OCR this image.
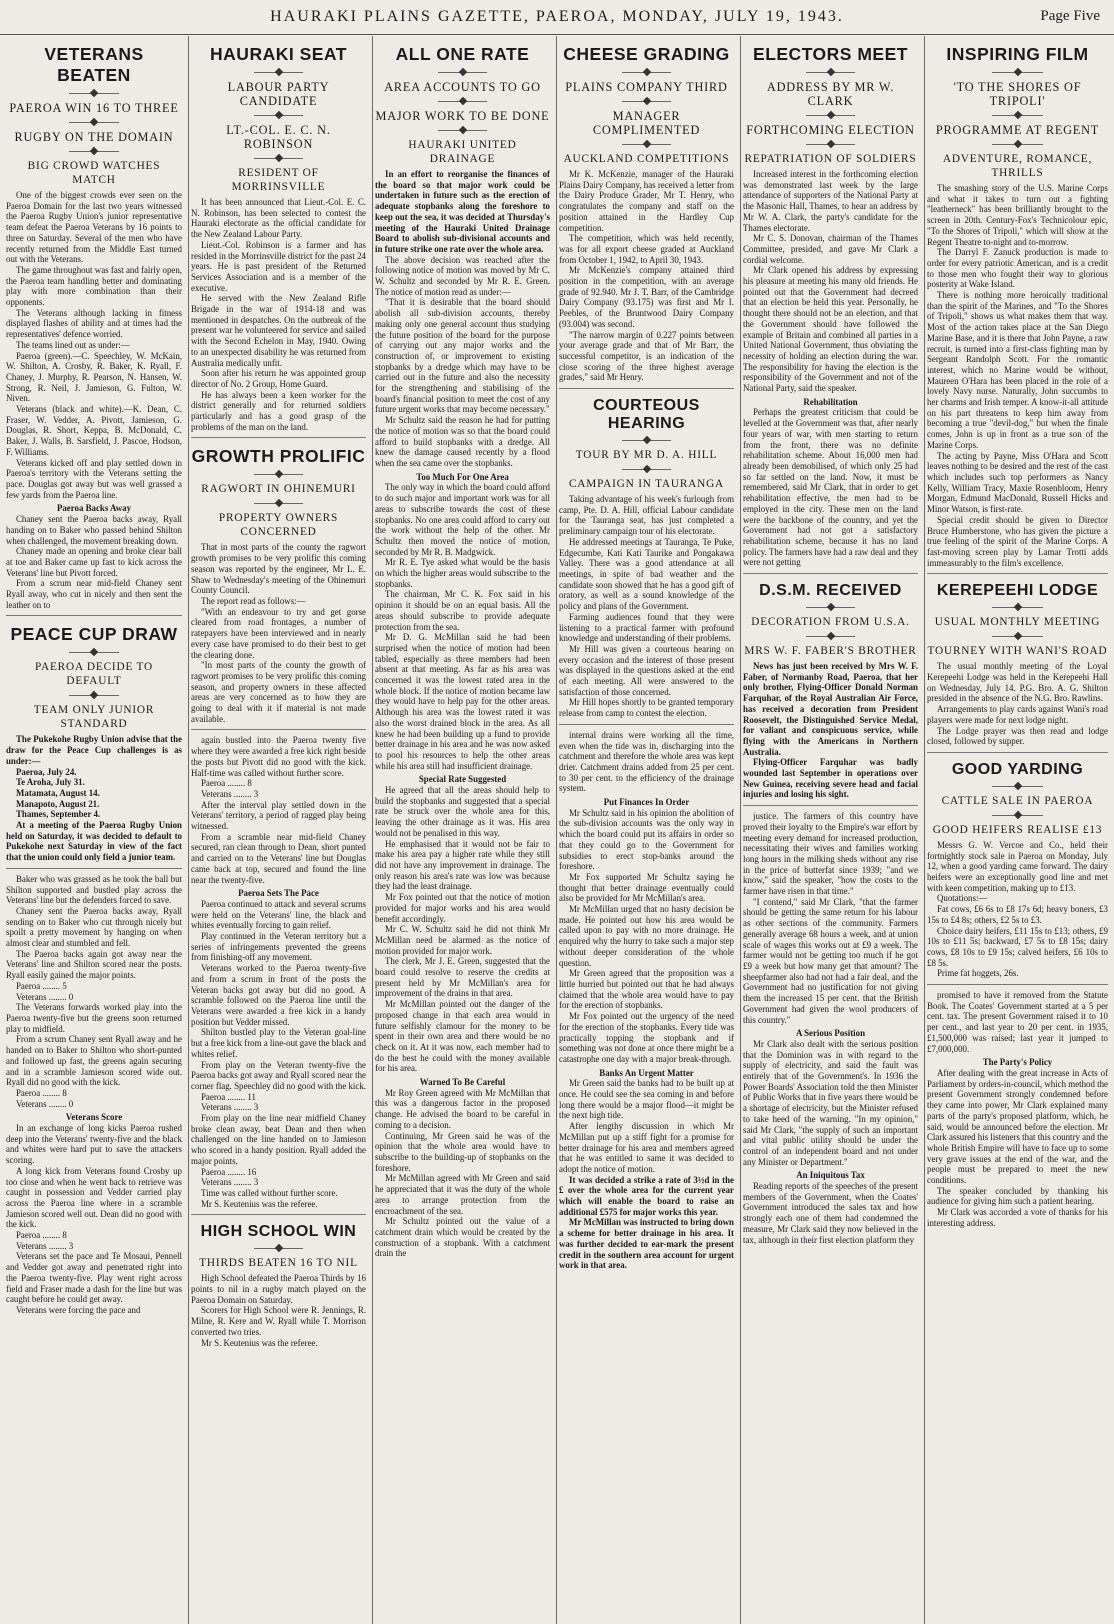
HAURAKI PLAINS GAZETTE, PAEROA, MONDAY, JULY 19, 1943.	Page Five
VETERANS BEATEN
PAEROA WIN 16 TO THREE
RUGBY ON THE DOMAIN
BIG CROWD WATCHES MATCH

One of the biggest crowds ever seen on the Paeroa Domain for the last two years witnessed the Paeroa Rugby Union's junior representative team defeat the Paeroa Veterans by 16 points to three on Saturday. Several of the men who have recently returned from the Middle East turned out with the Veterans.

The game throughout was fast and fairly open, the Paeroa team handling better and dominating play with more combination than their opponents.

The Veterans although lacking in fitness displayed flashes of ability and at times had the representatives' defence worried.

The teams lined out as under:—

Paeroa (green).—C. Speechley, W. McKain, W. Shilton, A. Crosby, R. Baker, K. Ryall, F. Chaney, J. Murphy, R. Pearson, N. Hansen, W. Strong, R. Neil, J. Jamieson, G. Fulton, W. Niven.

Veterans (black and white).—K. Dean, C. Fraser, W. Vedder, A. Pivott, Jamieson, G. Douglas, R. Short, Keppa, B. McDonald, C. Baker, J. Walls, B. Sarsfield, J. Pascoe, Hodson, F. Williams.

Veterans kicked off and play settled down in Paeroa's territory with the Veterans setting the pace. Douglas got away but was well grassed a few yards from the Paeroa line.

Paeroa Backs Away

Chaney sent the Paeroa backs away, Ryall handing on to Baker who passed behind Shilton when challenged, the movement breaking down.

Chaney made an opening and broke clear ball at toe and Baker came up fast to kick across the Veterans' line but Pivott forced.

From a scrum near mid-field Chaney sent Ryall away, who cut in nicely and then sent the leather on to

PEACE CUP DRAW
PAEROA DECIDE TO DEFAULT
TEAM ONLY JUNIOR STANDARD

The Pukekohe Rugby Union advise that the draw for the Peace Cup challenges is as under:—

Paeroa, July 24.

Te Aroha, July 31.

Matamata, August 14.

Manapoto, August 21.

Thames, September 4.

At a meeting of the Paeroa Rugby Union held on Saturday, it was decided to default to Pukekohe next Saturday in view of the fact that the union could only field a junior team.

Baker who was grassed as he took the ball but Shilton supported and bustled play across the Veterans' line but the defenders forced to save.

Chaney sent the Paeroa backs away, Ryall sending on to Baker who cut through nicely but spoilt a pretty movement by hanging on when almost clear and stumbled and fell.

The Paeroa backs again got away near the Veterans' line and Shilton scored near the posts. Ryall easily gained the major points.

Paeroa ........ 5

Veterans ........ 0

The Veterans forwards worked play into the Paeroa twenty-five but the greens soon returned play to midfield.

From a scrum Chaney sent Ryall away and he handed on to Baker to Shilton who short-punted and followed up fast, the greens again securing and in a scramble Jamieson scored wide out. Ryall did no good with the kick.

Paeroa ........ 8

Veterans ........ 0

Veterans Score

In an exchange of long kicks Paeroa rushed deep into the Veterans' twenty-five and the black and whites were hard put to save the attackers scoring.

A long kick from Veterans found Crosby up too close and when he went back to retrieve was caught in possession and Vedder carried play across the Paeroa line where in a scramble Jamieson scored well out. Dean did no good with the kick.

Paeroa ........ 8

Veterans ........ 3

Veterans set the pace and Te Mosaui, Pennell and Vedder got away and penetrated right into the Paeroa twenty-five. Play went right across field and Fraser made a dash for the line but was caught before he could get away.

Veterans were forcing the pace and

HAURAKI SEAT
LABOUR PARTY CANDIDATE
LT.-COL. E. C. N. ROBINSON
RESIDENT OF MORRINSVILLE

It has been announced that Lieut.-Col. E. C. N. Robinson, has been selected to contest the Hauraki electorate as the official candidate for the New Zealand Labour Party.

Lieut.-Col. Robinson is a farmer and has resided in the Morrinsville district for the past 24 years. He is past president of the Returned Services Association and is a member of the executive.

He served with the New Zealand Rifle Brigade in the war of 1914-18 and was mentioned in despatches. On the outbreak of the present war he volunteered for service and sailed with the Second Echelon in May, 1940. Owing to an unexpected disability he was returned from Australia medically unfit.

Soon after his return he was appointed group director of No. 2 Group, Home Guard.

He has always been a keen worker for the district generally and for returned soldiers particularly and has a good grasp of the problems of the man on the land.

GROWTH PROLIFIC
RAGWORT IN OHINEMURI
PROPERTY OWNERS CONCERNED

That in most parts of the county the ragwort growth promises to be very prolific this coming season was reported by the engineer, Mr L. E. Shaw to Wednesday's meeting of the Ohinemuri County Council.

The report read as follows:—

"With an endeavour to try and get gorse cleared from road frontages, a number of ratepayers have been interviewed and in nearly every case have promised to do their best to get the clearing done.

"In most parts of the county the growth of ragwort promises to be very prolific this coming season, and property owners in these affected areas are very concerned as to how they are going to deal with it if material is not made available.

again bustled into the Paeroa twenty five where they were awarded a free kick right beside the posts but Pivott did no good with the kick. Half-time was called without further score.

Paeroa ........ 8

Veterans ........ 3

After the interval play settled down in the Veterans' territory, a period of ragged play being witnessed.

From a scramble near mid-field Chaney secured, ran clean through to Dean, short punted and carried on to the Veterans' line but Douglas came back at top, secured and found the line near the twenty-five.

Paeroa Sets The Pace

Paeroa continued to attack and several scrums were held on the Veterans' line, the black and whites eventually forcing to gain relief.

Play continued in the Veteran territory but a series of infringements prevented the greens from finishing-off any movement.

Veterans worked to the Paeroa twenty-five and from a scrum in front of the posts the Veteran backs got away but did no good. A scramble followed on the Paeroa line until the Veterans were awarded a free kick in a handy position but Vedder missed.

Shilton bustled play to the Veteran goal-line but a free kick from a line-out gave the black and whites relief.

From play on the Veteran twenty-five the Paeroa backs got away and Ryall scored near the corner flag. Speechley did no good with the kick.

Paeroa ........ 11

Veterans ........ 3

From play on the line near midfield Chaney broke clean away, beat Dean and then when challenged on the line handed on to Jamieson who scored in a handy position. Ryall added the major points.

Paeroa ........ 16

Veterans ........ 3

Time was called without further score.

Mr S. Keutenius was the referee.

HIGH SCHOOL WIN
THIRDS BEATEN 16 TO NIL

High School defeated the Paeroa Thirds by 16 points to nil in a rugby match played on the Paeroa Domain on Saturday.

Scorers for High School were R. Jennings, R. Milne, R. Kere and W. Ryall while T. Morrison converted two tries.

Mr S. Keutenius was the referee.

ALL ONE RATE
AREA ACCOUNTS TO GO
MAJOR WORK TO BE DONE
HAURAKI UNITED DRAINAGE

In an effort to reorganise the finances of the board so that major work could be undertaken in future such as the erection of adequate stopbanks along the foreshore to keep out the sea, it was decided at Thursday's meeting of the Hauraki United Drainage Board to abolish sub-divisional accounts and in future strike one rate over the whole area.

The above decision was reached after the following notice of motion was moved by Mr C. W. Schultz and seconded by Mr R. E. Green. The notice of motion read as under:—

"That it is desirable that the board should abolish all sub-division accounts, thereby making only one general account thus studying the future position of the board for the purpose of carrying out any major works and the construction of, or improvement to existing stopbanks by a dredge which may have to be carried out in the future and also the necessity for the strengthening and stabilising of the board's financial position to meet the cost of any future urgent works that may become necessary."

Mr Schultz said the reason he had for putting the notice of motion was so that the board could afford to build stopbanks with a dredge. All knew the damage caused recently by a flood when the sea came over the stopbanks.

Too Much For One Area

The only way in which the board could afford to do such major and important work was for all areas to subscribe towards the cost of these stopbanks. No one area could afford to carry out the work without the help of the other. Mr Schultz then moved the notice of motion, seconded by Mr R. B. Madgwick.

Mr R. E. Tye asked what would be the basis on which the higher areas would subscribe to the stopbanks.

The chairman, Mr C. K. Fox said in his opinion it should be on an equal basis. All the areas should subscribe to provide adequate protection from the sea.

Mr D. G. McMillan said he had been surprised when the notice of motion had been tabled, especially as three members had been absent at that meeting. As far as his area was concerned it was the lowest rated area in the whole block. If the notice of motion became law they would have to help pay for the other areas. Although his area was the lowest rated it was also the worst drained block in the area. As all knew he had been building up a fund to provide better drainage in his area and he was now asked to pool his resources to help the other areas while his area still had insufficient drainage.

Special Rate Suggested

He agreed that all the areas should help to build the stopbanks and suggested that a special rate be struck over the whole area for this, leaving the other drainage as it was. His area would not be penalised in this way.

He emphasised that it would not be fair to make his area pay a higher rate while they still did not have any improvement in drainage. The only reason his area's rate was low was because they had the least drainage.

Mr Fox pointed out that the notice of motion provided for major works and his area would benefit accordingly.

Mr C. W. Schultz said he did not think Mr McMillan need be alarmed as the notice of motion provided for major work.

The clerk, Mr J. E. Green, suggested that the board could resolve to reserve the credits at present held by Mr McMillan's area for improvement of the drains in that area.

Mr McMillan pointed out the danger of the proposed change in that each area would in future selfishly clamour for the money to be spent in their own area and there would be no check on it. At it was now, each member had to do the best he could with the money available for his area.

Warned To Be Careful

Mr Roy Green agreed with Mr McMillan that this was a dangerous factor in the proposed change. He advised the board to be careful in coming to a decision.

Continuing, Mr Green said he was of the opinion that the whole area would have to subscribe to the building-up of stopbanks on the foreshore.

Mr McMillan agreed with Mr Green and said he appreciated that it was the duty of the whole area to arrange protection from the encroachment of the sea.

Mr Schultz pointed out the value of a catchment drain which would be created by the construction of a stopbank. With a catchment drain the

CHEESE GRADING
PLAINS COMPANY THIRD
MANAGER COMPLIMENTED
AUCKLAND COMPETITIONS

Mr K. McKenzie, manager of the Hauraki Plains Dairy Company, has received a letter from the Dairy Produce Grader, Mr T. Henry, who congratulates the company and staff on the position attained in the Hardley Cup competition.

The competition, which was held recently, was for all export cheese graded at Auckland from October 1, 1942, to April 30, 1943.

Mr McKenzie's company attained third position in the competition, with an average grade of 92.940. Mr J. T. Barr, of the Cambridge Dairy Company (93.175) was first and Mr I. Peebles, of the Bruntwood Dairy Company (93.004) was second.

"The narrow margin of 0.227 points between your average grade and that of Mr Barr, the successful competitor, is an indication of the close scoring of the three highest average grades," said Mr Henry.

COURTEOUS HEARING
TOUR BY MR D. A. HILL
CAMPAIGN IN TAURANGA

Taking advantage of his week's furlough from camp, Pte. D. A. Hill, official Labour candidate for the Tauranga seat, has just completed a preliminary campaign tour of his electorate.

He addressed meetings at Tauranga, Te Puke, Edgecumbe, Kati Kati Taurike and Pongakawa Valley. There was a good attendance at all meetings, in spite of bad weather and the candidate soon showed that he has a good gift of oratory, as well as a sound knowledge of the policy and plans of the Government.

Farming audiences found that they were listening to a practical farmer with profound knowledge and understanding of their problems.

Mr Hill was given a courteous hearing on every occasion and the interest of those present was displayed in the questions asked at the end of each meeting. All were answered to the satisfaction of those concerned.

Mr Hill hopes shortly to be granted temporary release from camp to contest the election.

internal drains were working all the time, even when the tide was in, discharging into the catchment and therefore the whole area was kept drier. Catchment drains added from 25 per cent. to 30 per cent. to the efficiency of the drainage system.

Put Finances In Order

Mr Schultz said in his opinion the abolition of the sub-division accounts was the only way in which the board could put its affairs in order so that they could go to the Government for subsidies to erect stop-banks around the foreshore.

Mr Fox supported Mr Schultz saying he thought that better drainage eventually could also be provided for Mr McMillan's area.

Mr McMillan urged that no hasty decision be made. He pointed out how his area would be called upon to pay with no more drainage. He enquired why the hurry to take such a major step without deeper consideration of the whole question.

Mr Green agreed that the proposition was a little hurried but pointed out that he had always claimed that the whole area would have to pay for the erection of stopbanks.

Mr Fox pointed out the urgency of the need for the erection of the stopbanks. Every tide was practically topping the stopbank and if something was not done at once there might be a catastrophe one day with a major break-through.

Banks An Urgent Matter

Mr Green said the banks had to be built up at once. He could see the sea coming in and before long there would be a major flood—it might be the next high tide.

After lengthy discussion in which Mr McMillan put up a stiff fight for a promise for better drainage for his area and members agreed that he was entitled to same it was decided to adopt the notice of motion.

It was decided a strike a rate of 3½d in the £ over the whole area for the current year which will enable the board to raise an additional £575 for major works this year.

Mr McMillan was instructed to bring down a scheme for better drainage in his area. It was further decided to ear-mark the present credit in the southern area account for urgent work in that area.

ELECTORS MEET
ADDRESS BY MR W. CLARK
FORTHCOMING ELECTION
REPATRIATION OF SOLDIERS

Increased interest in the forthcoming election was demonstrated last week by the large attendance of supporters of the National Party at the Masonic Hall, Thames, to hear an address by Mr W. A. Clark, the party's candidate for the Thames electorate.

Mr C. S. Donovan, chairman of the Thames Committee, presided, and gave Mr Clark a cordial welcome.

Mr Clark opened his address by expressing his pleasure at meeting his many old friends. He pointed out that the Government had decreed that an election be held this year. Personally, he thought there should not be an election, and that the Government should have followed the example of Britain and combined all parties in a United National Government, thus obviating the necessity of holding an election during the war. The responsibility for having the election is the responsibility of the Government and not of the National Party, said the speaker.

Rehabilitation

Perhaps the greatest criticism that could be levelled at the Government was that, after nearly four years of war, with men starting to return from the front, there was no definite rehabilitation scheme. About 16,000 men had already been demobilised, of which only 25 had so far settled on the land. Now, it must be remembered, said Mr Clark, that in order to get rehabilitation effective, the men had to be employed in the city. These men on the land were the backbone of the country, and yet the Government had not got a satisfactory rehabilitation scheme, because it has no land policy. The farmers have had a raw deal and they were not getting

D.S.M. RECEIVED
DECORATION FROM U.S.A.
MRS W. F. FABER'S BROTHER

News has just been received by Mrs W. F. Faber, of Normanby Road, Paeroa, that her only brother, Flying-Officer Donald Norman Farquhar, of the Royal Australian Air Force, has received a decoration from President Roosevelt, the Distinguished Service Medal, for valiant and conspicuous service, while flying with the Americans in Northern Australia.

Flying-Officer Farquhar was badly wounded last September in operations over New Guinea, receiving severe head and facial injuries and losing his sight.

justice. The farmers of this country have proved their loyalty to the Empire's war effort by meeting every demand for increased production, necessitating their wives and families working long hours in the milking sheds without any rise in the price of butterfat since 1939; "and we know," said the speaker, "how the costs to the farmer have risen in that time."

"I contend," said Mr Clark, "that the farmer should be getting the same return for his labour as other sections of the community. Farmers generally average 68 hours a week, and at union scale of wages this works out at £9 a week. The farmer would not be getting too much if he got £9 a week but how many get that amount? The sheepfarmer also had not had a fair deal, and the Government had no justification for not giving them the increased 15 per cent. that the British Government had given the wool producers of this country."

A Serious Position

Mr Clark also dealt with the serious position that the Dominion was in with regard to the supply of electricity, and said the fault was entirely that of the Government's. In 1936 the Power Boards' Association told the then Minister of Public Works that in five years there would be a shortage of electricity, but the Minister refused to take heed of the warning. "In my opinion," said Mr Clark, "the supply of such an important and vital public utility should be under the control of an independent board and not under any Minister or Department."

An Iniquitous Tax

Reading reports of the speeches of the present members of the Government, when the Coates' Government introduced the sales tax and how strongly each one of them had condemned the measure, Mr Clark said they now believed in the tax, although in their first election platform they

INSPIRING FILM
'TO THE SHORES OF TRIPOLI'
PROGRAMME AT REGENT
ADVENTURE, ROMANCE, THRILLS

The smashing story of the U.S. Marine Corps and what it takes to turn out a fighting "leatherneck" has been brilliantly brought to the screen in 20th. Century-Fox's Technicolour epic, "To the Shores of Tripoli," which will show at the Regent Theatre to-night and to-morrow.

The Darryl F. Zanuck production is made to order for every patriotic American, and is a credit to those men who fought their way to glorious posterity at Wake Island.

There is nothing more heroically traditional than the spirit of the Marines, and "To the Shores of Tripoli," shows us what makes them that way. Most of the action takes place at the San Diego Marine Base, and it is there that John Payne, a raw recruit, is turned into a first-class fighting man by Sergeant Randolph Scott. For the romantic interest, which no Marine would be without, Maureen O'Hara has been placed in the role of a lovely Navy nurse. Naturally, John succumbs to her charms and Irish temper. A know-it-all attitude on his part threatens to keep him away from becoming a true "devil-dog," but when the finale comes, John is up in front as a true son of the Marine Corps.

The acting by Payne, Miss O'Hara and Scott leaves nothing to be desired and the rest of the cast which includes such top performers as Nancy Kelly, William Tracy, Maxie Rosenbloom, Henry Morgan, Edmund MacDonald, Russell Hicks and Minor Watson, is first-rate.

Special credit should be given to Director Bruce Humberstone, who has given the picture a true feeling of the spirit of the Marine Corps. A fast-moving screen play by Lamar Trotti adds immeasurably to the film's excellence.

KEREPEEHI LODGE
USUAL MONTHLY MEETING
TOURNEY WITH WANI'S ROAD

The usual monthly meeting of the Loyal Kerepeehi Lodge was held in the Kerepeehi Hall on Wednesday, July 14. P.G. Bro. A. G. Shilton presided in the absence of the N.G. Bro. Rawlins.

Arrangements to play cards against Wani's road players were made for next lodge night.

The Lodge prayer was then read and lodge closed, followed by supper.

GOOD YARDING
CATTLE SALE IN PAEROA
GOOD HEIFERS REALISE £13

Messrs G. W. Vercoe and Co., held their fortnightly stock sale in Paeroa on Monday, July 12, when a good yarding came forward. The dairy heifers were an exceptionally good line and met with keen competition, making up to £13.

Quotations:—

Fat cows, £6 6s to £8 17s 6d; heavy boners, £3 15s to £4 8s; others, £2 5s to £3.

Choice dairy heifers, £11 15s to £13; others, £9 10s to £11 5s; backward, £7 5s to £8 15s; dairy cows, £8 10s to £9 15s; calved heifers, £6 10s to £8 5s.

Prime fat hoggets, 26s.

promised to have it removed from the Statute Book. The Coates' Government started at a 5 per cent. tax. The present Government raised it to 10 per cent., and last year to 20 per cent. in 1935, £1,500,000 was raised; last year it jumped to £7,000,000.

The Party's Policy

After dealing with the great increase in Acts of Parliament by orders-in-council, which method the present Government strongly condemned before they came into power, Mr Clark explained many parts of the party's proposed platform, which, he said, would be announced before the election. Mr Clark assured his listeners that this country and the whole British Empire will have to face up to some very grave issues at the end of the war, and the people must be prepared to meet the new conditions.

The speaker concluded by thanking his audience for giving him such a patient hearing.

Mr Clark was accorded a vote of thanks for his interesting address.
